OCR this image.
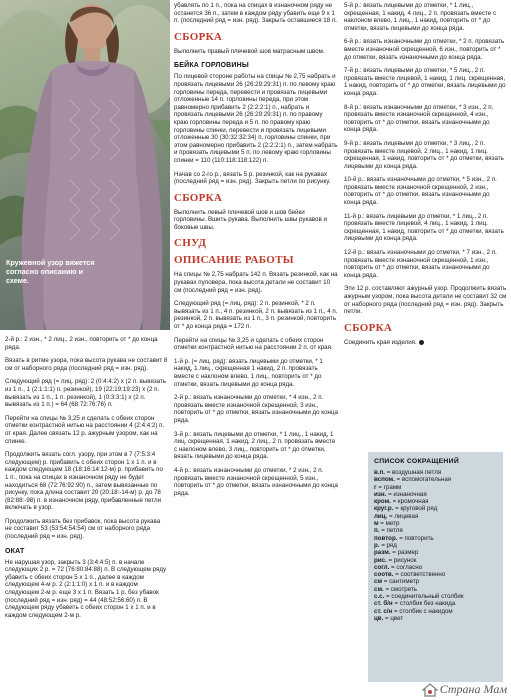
Кружевной узор вяжется согласно описанию и схеме.

2-й р.: 2 изн., * 2 лиц., 2 изн., повторить от * до конца ряда.

Вязать в ритме узора, пока высота рукава не составит 8 см от наборного ряда (последний ряд = изн. ряд).

Следующий ряд (= лиц. ряд): 2 (0:4:4:2) х (2 п. вывязать из 1 п., 1 (2:1:1:1) п. резинкой), 19 (22:19:19:23) х (2 п. вывязать из 1 п., 1 п. резинкой), 1 (0:3:3:1) х (2 п. вывязать из 1 п.) = 64 (68:72:76:76) п.

Перейти на спицы № 3,25 и сделать с обеих сторон отметки контрастной нитью на расстоянии 4 (2:4:4:2) п. от края. Далее связать 12 р. ажурным узором, как на спинке.

Продолжить вязать согл. узору, при этом в 7 (7:5:3:4 следующем) р. прибавить с обеих сторон 1 х 1 п. и в каждом следующем 18 (18:16:14:12-м) р. прибавить по 1 п., пока на спицах в изнаночном ряду не будет находиться 68 (72:76:92:90) п., затем вывязанные по рисунку, пока длина составит 20 (20:18:-14-м) р. до 78 (82:88:-98) п. в изнаночном ряду, прибавленные петли включать в узор.

Продолжить вязать без прибавок, пока высота рукава не составит 53 (53:54:54:54) см от наборного ряда (последний ряд = изн. ряд).

ОКАТ

Не нарушая узор, закрыть 3 (3:4:4:5) п. в начале следующих 2 р. = 72 (76:80:84:88) п. В следующем ряду убавить с обеих сторон 5 х 1 п., далее в каждом следующем 4-м р. 2 (2:1:1:0) х 1 п. и в каждом следующем 2-м р. еще 3 х 1 п. Вязать 1 р. без убавок (последний ряд = изн. ряд) = 44 (48:52:56:60) п. В следующем ряду убавить с обеих сторон 1 х 1 п. и в каждом следующем 2-м р.

убавлять по 1 п., пока на спицах в изнаночном ряду не останется 36 п., затем в каждом ряду убавить еще 9 х 1 п. (последний ряд = изн. ряд). Закрыть оставшиеся 18 п.

СБОРКА

Выполнить правый плечевой шов матрасным швом.

БЕЙКА ГОРЛОВИНЫ

По лицевой стороне работы на спицы № 2,75 набрать и провязать лицевыми 26 (26:29:29:31) п. по левому краю горловины переда, перевести и провязать лицевыми отложенные 14 п. горловины переда, при этом равномерно прибавить 2 (2:2:2:1) п., набрать и провязать лицевыми 26 (26:29:29:31) п. по правому краю горловины переда и 5 п. по правому краю горловины спинки, перевести и провязать лицевыми отложенные 30 (30:32:32:34) п. горловины спинки, при этом равномерно прибавить 2 (2:2:2:1) п., затем набрать и провязать лицевыми 5 п. по левому краю горловины спинки = 110 (110:118:118:122) п.

Начав со 2-го р., вязать 5 р. резинкой, как на рукавах (последний ряд = изн. ряд). Закрыть петли по рисунку.

СБОРКА

Выполнить левый плечевой шов и шов бейки горловины. Вшить рукава. Выполнить швы рукавов и боковые швы.

СНУД
ОПИСАНИЕ РАБОТЫ

На спицы № 2,75 набрать 142 п. Вязать резинкой, как на рукавах пуловера, пока высота детали не составит 10 см (последний ряд = изн. ряд).

Следующий ряд (= лиц. ряд): 2 п. резинкой, * 2 п. вывязать из 1 п., 4 п. резинкой, 2 п. вывязать из 1 п., 4 п. резинкой, 2 п. вывязать из 1 п., 3 п. резинкой, повторить от * до конца ряда = 172 п.

Перейти на спицы № 3,25 и сделать с обеих сторон отметки контрастной нитью на расстоянии 2 п. от края.

1-й р. (= лиц. ряд): вязать лицевыми до отметки, * 1 накид, 1 лиц., скрещенная 1 накид, 2 п. провязать вместе с наклоном влево, 1 лиц., повторить от * до отметки, вязать лицевыми до конца ряда.

2-й р.: вязать изнаночными до отметки, * 4 изн., 2 п. провязать вместе изнаночной скрещенной, 3 изн., повторить от * до отметки, вязать изнаночными до конца ряда.

3-й р.: вязать лицевыми до отметки, * 1 лиц., 1 накид, 1 лиц. скрещенная, 1 накид, 2 лиц., 2 п. провязать вместе с наклоном влево, 3 лиц., повторить от * до отметки, вязать лицевыми до конца ряда.

4-й р.: вязать изнаночными до отметки, * 2 изн., 2 п. провязать вместе изнаночной скрещенной, 5 изн., повторить от * до отметки, вязать изнаночными до конца ряда.

5-й р.: вязать лицевыми до отметки, * 1 лиц., скрещенная, 1 накид, 4 лиц., 2 п. провязать вместе с наклоном влево, 1 лиц., 1 накид, повторить от * до отметки, вязать лицевыми до конца ряда.

6-й р.: вязать изнаночными до отметки, * 2 п. провязать вместе изнаночной скрещенной, 6 изн., повторить от * до отметки, вязать изнаночными до конца ряда.

7-й р.: вязать лицевыми до отметки, * 5 лиц., 2 п. провязать вместе лицевой, 1 накид, 1 лиц. скрещенная, 1 накид, повторить от * до отметки, вязать лицевыми до конца ряда.

8-й р.: вязать изнаночными до отметки, * 3 изн., 2 п. провязать вместе изнаночной скрещенной, 4 изн., повторить от * до отметки, вязать изнаночными до конца ряда.

9-й р.: вязать лицевыми до отметки, * 3 лиц., 2 п. провязать вместе лицевой, 2 лиц., 1 накид, 1 лиц. скрещенная, 1 накид, повторить от * до отметки, вязать лицевыми до конца ряда.

10-й р.: вязать изнаночными до отметки, * 5 изн., 2 п. провязать вместе изнаночной скрещенной, 2 изн., повторить от * до отметки, вязать изнаночными до конца ряда.

11-й р.: вязать лицевыми до отметки, * 1 лиц., 2 п. провязать вместе лицевой, 4 лиц., 1 накид, 1 лиц. скрещенная, 1 накид, повторить от * до отметки, вязать лицевыми до конца ряда.

12-й р.: вязать изнаночными до отметки, * 7 изн., 2 п. провязать вместе изнаночной скрещенной, 1 изн., повторить от * до отметки, вязать изнаночными до конца ряда.

Эти 12 р. составляют ажурный узор. Продолжить вязать ажурным узором, пока высота детали не составит 32 см от наборного ряда (последний ряд = изн. ряд). Закрыть петли.

СБОРКА
Соединить края изделия.
СПИСОК СОКРАЩЕНИЙ
в.п. = воздушная петля
вспом. = вспомогательная
г = грамм
изн. = изнаночная
кром. = кромочная
круг.р. = круговой ряд
лиц. = лицевая
м = метр
п. = петля
повтор. = повторить
р. = ряд
разм. = размер
рис. = рисунок
согл. = согласно
соотв. = соответственно
см = сантиметр
см. = смотреть
с.с. = соединительный столбик
ст. б/н = столбик без накида
ст. с/н = столбик с накидом
цв. = цвет
Страна Мам
